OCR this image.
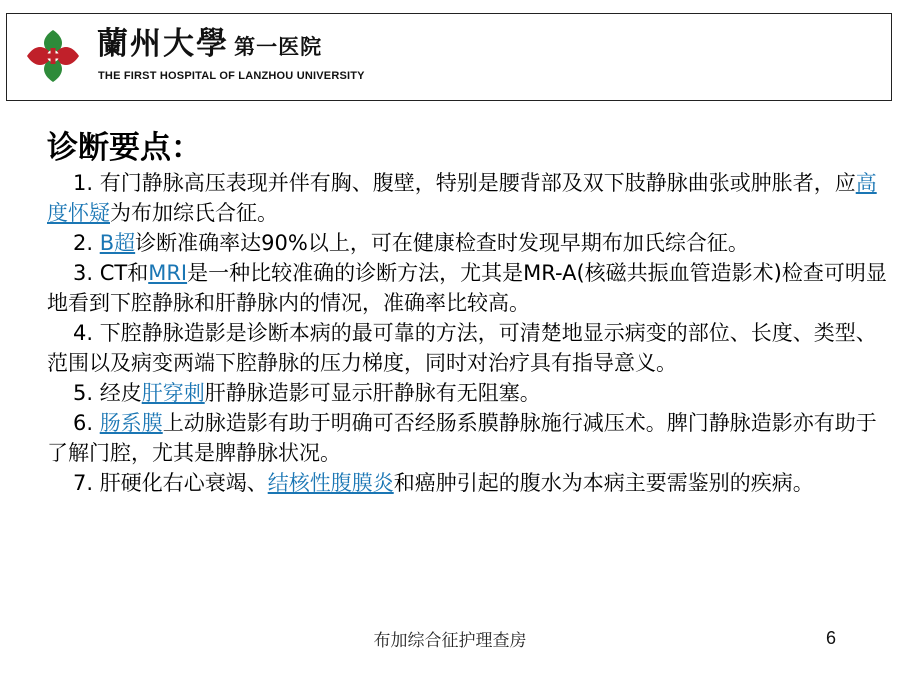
蘭州大學 第一医院
THE FIRST HOSPITAL OF LANZHOU UNIVERSITY
诊断要点：

1. 有门静脉高压表现并伴有胸、腹壁，特别是腰背部及双下肢静脉曲张或肿胀者，应高度怀疑为布加综氏合征。

2. B超诊断准确率达90%以上，可在健康检查时发现早期布加氏综合征。

3. CT和MRI是一种比较准确的诊断方法，尤其是MR-A(核磁共振血管造影术)检查可明显地看到下腔静脉和肝静脉内的情况，准确率比较高。

4. 下腔静脉造影是诊断本病的最可靠的方法，可清楚地显示病变的部位、长度、类型、范围以及病变两端下腔静脉的压力梯度，同时对治疗具有指导意义。

5. 经皮肝穿刺肝静脉造影可显示肝静脉有无阻塞。

6. 肠系膜上动脉造影有助于明确可否经肠系膜静脉施行减压术。脾门静脉造影亦有助于了解门腔，尤其是脾静脉状况。

7. 肝硬化右心衰竭、结核性腹膜炎和癌肿引起的腹水为本病主要需鉴别的疾病。

布加综合征护理查房	6
